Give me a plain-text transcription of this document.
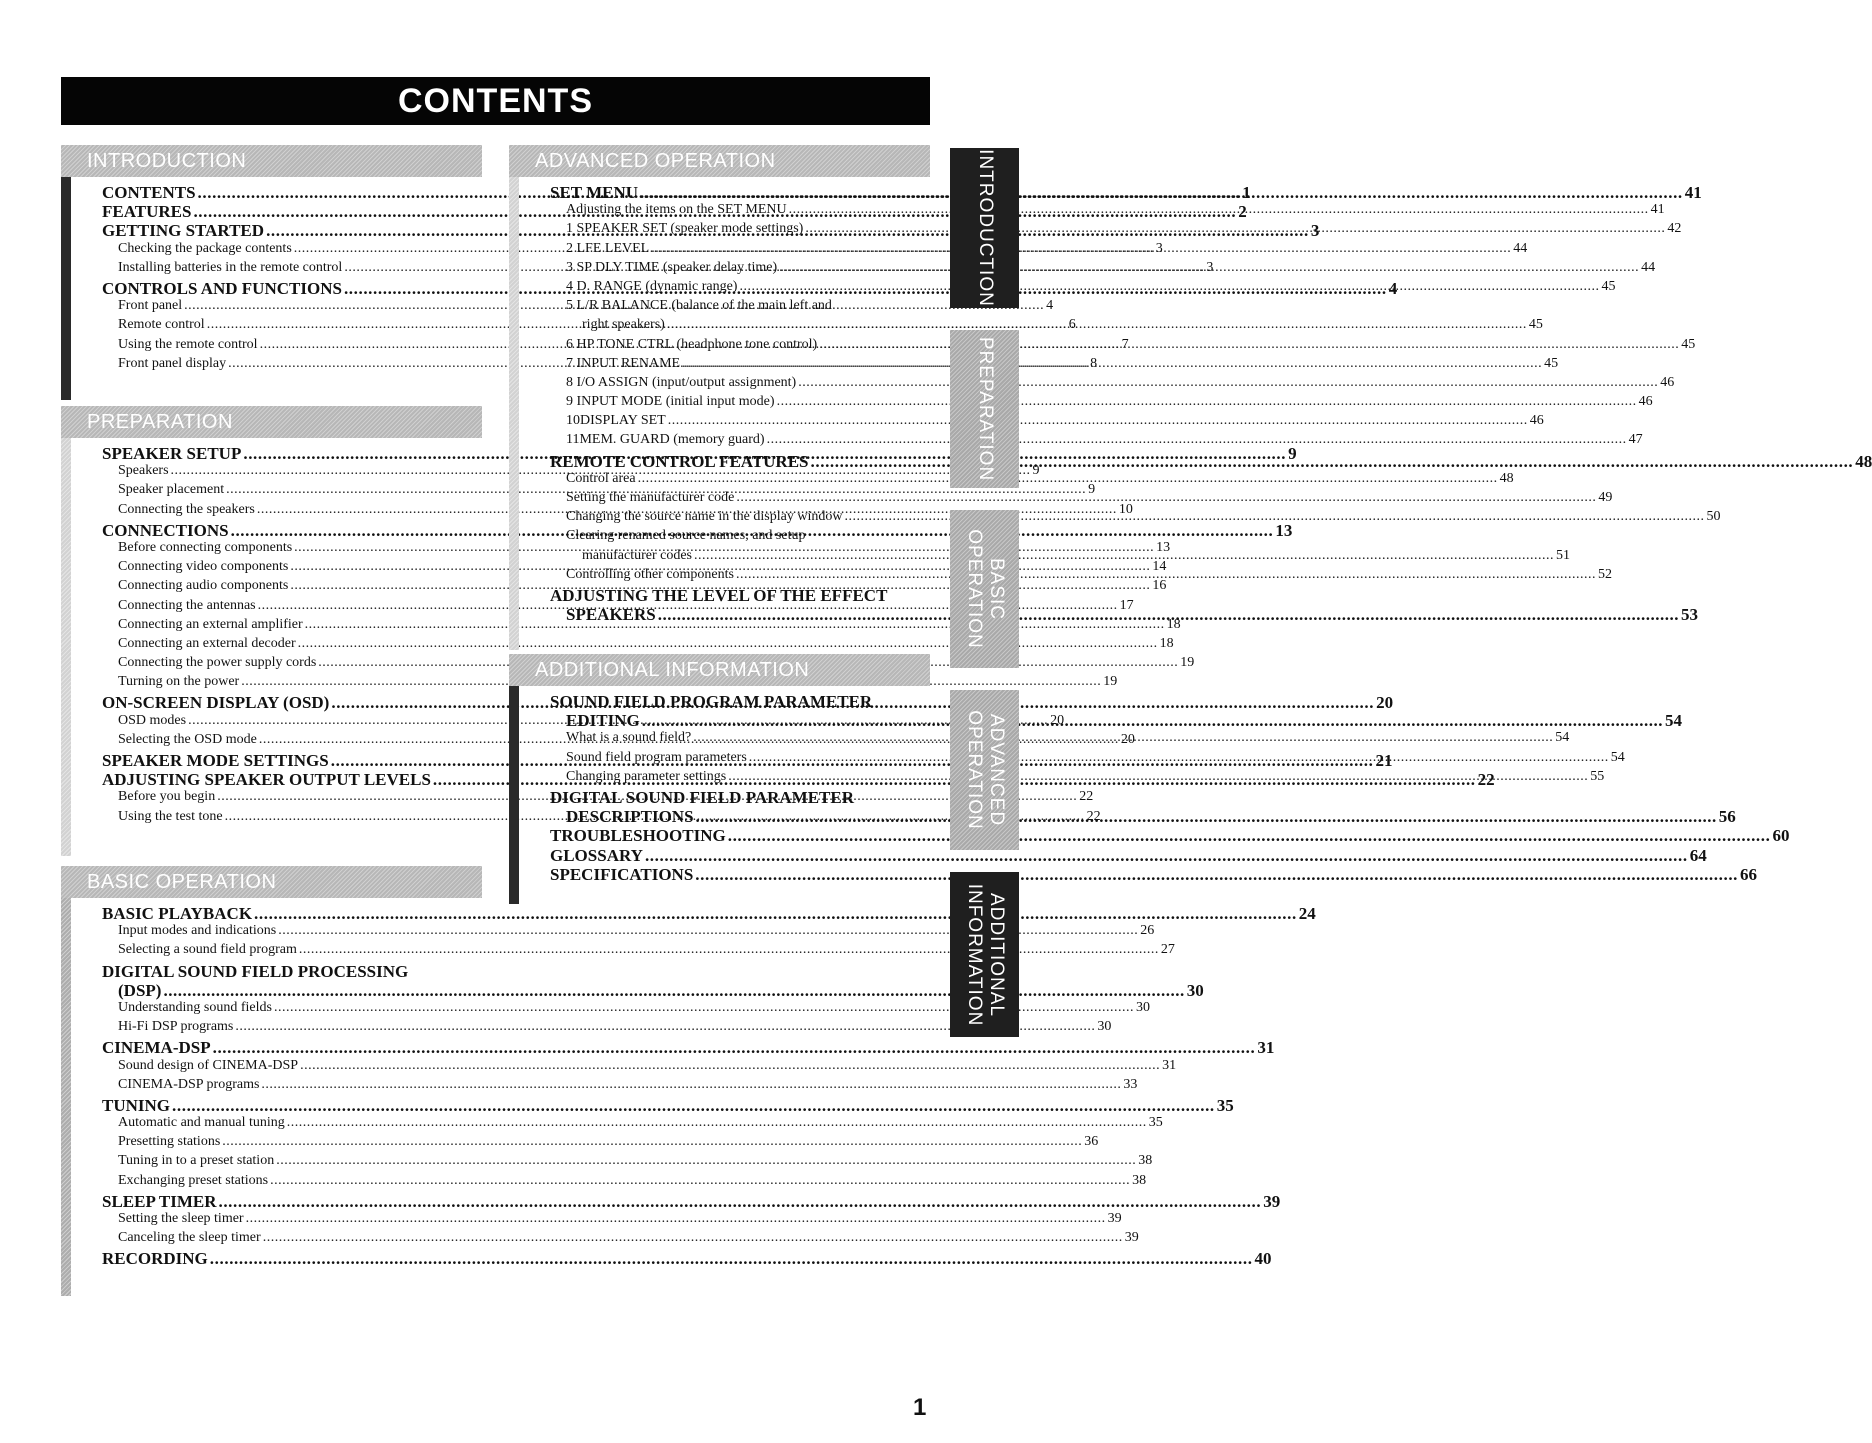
CONTENTS
INTRODUCTION
CONTENTS .....	1
FEATURES .....	2
GETTING STARTED .....	3
Checking the package contents .....	3
Installing batteries in the remote control .....	3
CONTROLS AND FUNCTIONS .....	4
Front panel .....	4
Remote control .....	6
Using the remote control .....	7
Front panel display .....	8
PREPARATION
SPEAKER SETUP .....	9
Speakers .....	9
Speaker placement .....	9
Connecting the speakers .....	10
CONNECTIONS .....	13
Before connecting components .....	13
Connecting video components .....	14
Connecting audio components .....	16
Connecting the antennas .....	17
Connecting an external amplifier .....	18
Connecting an external decoder .....	18
Connecting the power supply cords .....	19
Turning on the power .....	19
ON-SCREEN DISPLAY (OSD) .....	20
OSD modes .....	20
Selecting the OSD mode .....	20
SPEAKER MODE SETTINGS .....	21
ADJUSTING SPEAKER OUTPUT LEVELS .....	22
Before you begin .....	22
Using the test tone .....	22
BASIC OPERATION
BASIC PLAYBACK .....	24
Input modes and indications .....	26
Selecting a sound field program .....	27
DIGITAL SOUND FIELD PROCESSING
(DSP) .....	30
Understanding sound fields .....	30
Hi-Fi DSP programs .....	30
CINEMA-DSP .....	31
Sound design of CINEMA-DSP .....	31
CINEMA-DSP programs .....	33
TUNING .....	35
Automatic and manual tuning .....	35
Presetting stations .....	36
Tuning in to a preset station .....	38
Exchanging preset stations .....	38
SLEEP TIMER .....	39
Setting the sleep timer .....	39
Canceling the sleep timer .....	39
RECORDING .....	40
ADVANCED OPERATION
SET MENU .....	41
Adjusting the items on the SET MENU .....	41
1 SPEAKER SET (speaker mode settings) .....	42
2 LFE LEVEL .....	44
3 SP DLY TIME (speaker delay time) .....	44
4 D. RANGE (dynamic range) .....	45
5 L/R BALANCE (balance of the main left and
right speakers) .....	45
6 HP TONE CTRL (headphone tone control) .....	45
7 INPUT RENAME .....	45
8 I/O ASSIGN (input/output assignment) .....	46
9 INPUT MODE (initial input mode) .....	46
10DISPLAY SET .....	46
11MEM. GUARD (memory guard) .....	47
REMOTE CONTROL FEATURES .....	48
Control area .....	48
Setting the manufacturer code .....	49
Changing the source name in the display window .....	50
Clearing renamed source names, and setup
manufacturer codes .....	51
Controlling other components .....	52
ADJUSTING THE LEVEL OF THE EFFECT
SPEAKERS .....	53
ADDITIONAL INFORMATION
SOUND FIELD PROGRAM PARAMETER
EDITING .....	54
What is a sound field? .....	54
Sound field program parameters .....	54
Changing parameter settings .....	55
DIGITAL SOUND FIELD PARAMETER
DESCRIPTIONS .....	56
TROUBLESHOOTING .....	60
GLOSSARY .....	64
SPECIFICATIONS .....	66
INTRODUCTION
PREPARATION
BASIC
OPERATION
ADVANCED
OPERATION
ADDITIONAL
INFORMATION
1
